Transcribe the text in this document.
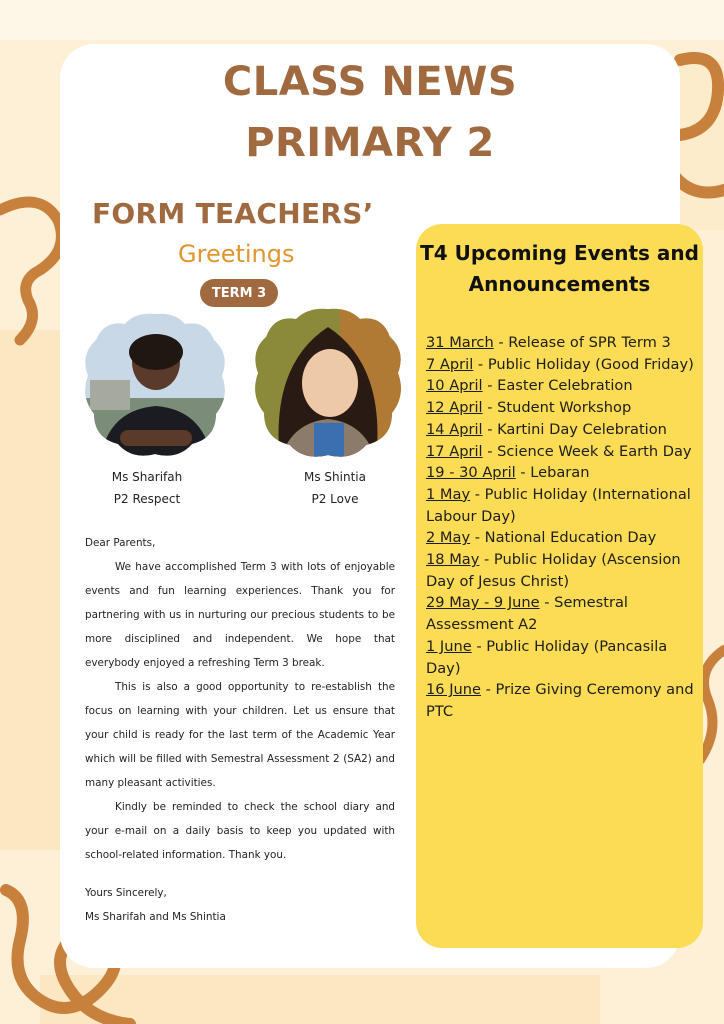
CLASS NEWS
PRIMARY 2
FORM TEACHERS’
Greetings
TERM 3
Ms Sharifah
P2 Respect
Ms Shintia
P2 Love

Dear Parents,

We have accomplished Term 3 with lots of enjoyable events and fun learning experiences. Thank you for partnering with us in nurturing our precious students to be more disciplined and independent. We hope that everybody enjoyed a refreshing Term 3 break.

This is also a good opportunity to re-establish the focus on learning with your children. Let us ensure that your child is ready for the last term of the Academic Year which will be filled with Semestral Assessment 2 (SA2) and many pleasant activities.

Kindly be reminded to check the school diary and your e-mail on a daily basis to keep you updated with school-related information. Thank you.

Yours Sincerely,

Ms Sharifah and Ms Shintia

T4 Upcoming Events and Announcements
31 March - Release of SPR Term 3
7 April - Public Holiday (Good Friday)
10 April - Easter Celebration
12 April - Student Workshop
14 April - Kartini Day Celebration
17 April - Science Week & Earth Day
19 - 30 April - Lebaran
1 May - Public Holiday (International Labour Day)
2 May - National Education Day
18 May - Public Holiday (Ascension Day of Jesus Christ)
29 May - 9 June - Semestral Assessment A2
1 June - Public Holiday (Pancasila Day)
16 June - Prize Giving Ceremony and PTC
